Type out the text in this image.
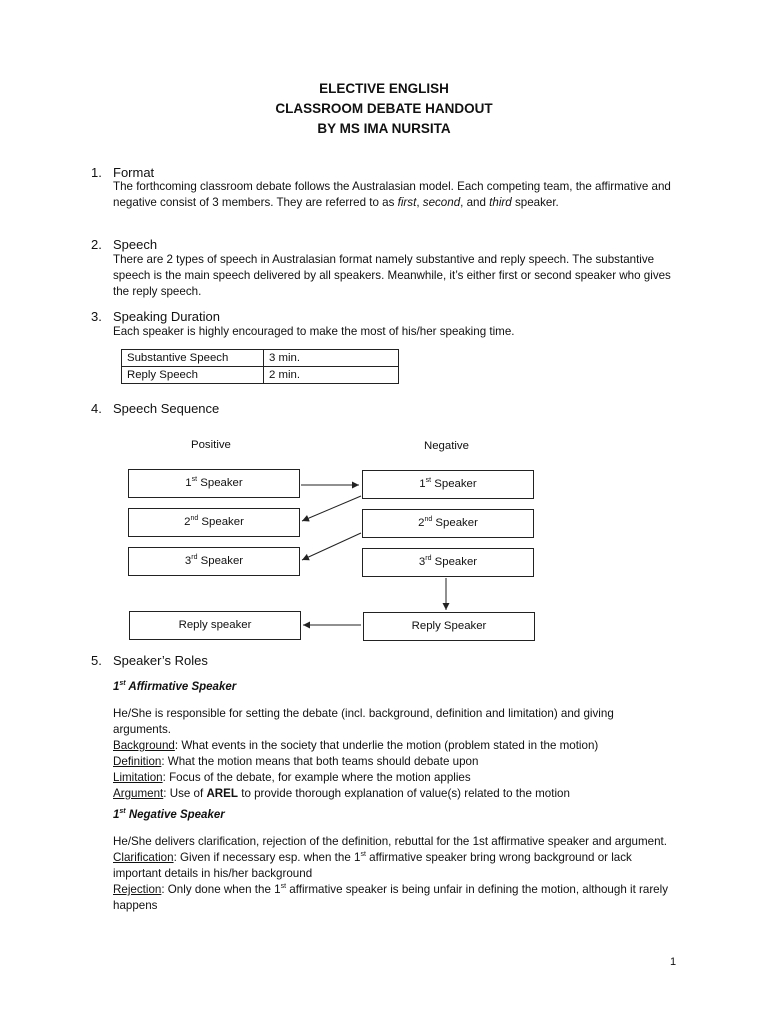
ELECTIVE ENGLISH
CLASSROOM DEBATE HANDOUT
BY MS IMA NURSITA
1. Format
The forthcoming classroom debate follows the Australasian model. Each competing team, the affirmative and negative consist of 3 members. They are referred to as first, second, and third speaker.
2. Speech
There are 2 types of speech in Australasian format namely substantive and reply speech. The substantive speech is the main speech delivered by all speakers. Meanwhile, it’s either first or second speaker who gives the reply speech.
3. Speaking Duration
Each speaker is highly encouraged to make the most of his/her speaking time.
Substantive Speech	3 min.
Reply Speech	2 min.
4. Speech Sequence
Positive	Negative
1st Speaker
2nd Speaker
3rd Speaker
1st Speaker
2nd Speaker
3rd Speaker
Reply speaker	Reply Speaker
5. Speaker’s Roles
1st Affirmative Speaker

He/She is responsible for setting the debate (incl. background, definition and limitation) and giving arguments.

Background: What events in the society that underlie the motion (problem stated in the motion)

Definition: What the motion means that both teams should debate upon

Limitation: Focus of the debate, for example where the motion applies

Argument: Use of AREL to provide thorough explanation of value(s) related to the motion

1st Negative Speaker

He/She delivers clarification, rejection of the definition, rebuttal for the 1st affirmative speaker and argument.

Clarification: Given if necessary esp. when the 1st affirmative speaker bring wrong background or lack important details in his/her background

Rejection: Only done when the 1st affirmative speaker is being unfair in defining the motion, although it rarely happens

1
